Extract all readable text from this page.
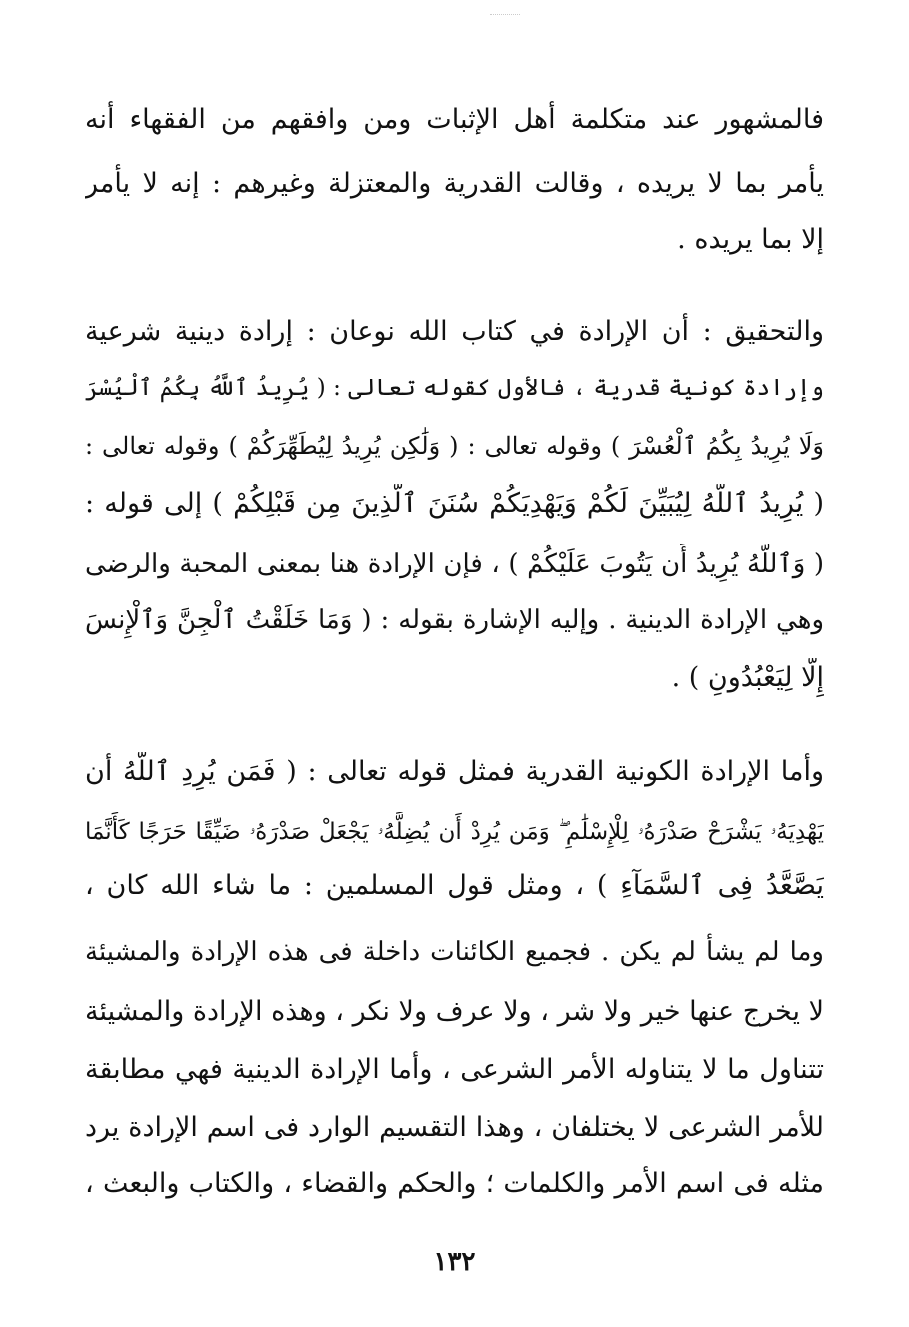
فالمشهور عند متكلمة أهل الإثبات ومن وافقهم من الفقهاء أنه
يأمر بما لا يريده ، وقالت القدرية والمعتزلة وغيرهم : إنه لا يأمر
إلا بما يريده .
والتحقيق : أن الإرادة في كتاب الله نوعان : إرادة دينية شرعية
وإرادة كونية قدرية ، فالأول كقوله تعالى : ( يُرِيدُ ٱللَّهُ بِكُمُ ٱلْيُسْرَ
وَلَا يُرِيدُ بِكُمُ ٱلْعُسْرَ ) وقوله تعالى : ( وَلَٰكِن يُرِيدُ لِيُطَهِّرَكُمْ ) وقوله تعالى :
( يُرِيدُ ٱللَّهُ لِيُبَيِّنَ لَكُمْ وَيَهْدِيَكُمْ سُنَنَ ٱلَّذِينَ مِن قَبْلِكُمْ ) إلى قوله :
( وَٱللَّهُ يُرِيدُ أَن يَتُوبَ عَلَيْكُمْ ) ، فإن الإرادة هنا بمعنى المحبة والرضى
وهي الإرادة الدينية . وإليه الإشارة بقوله : ( وَمَا خَلَقْتُ ٱلْجِنَّ وَٱلْإِنسَ
إِلَّا لِيَعْبُدُونِ ) .
وأما الإرادة الكونية القدرية فمثل قوله تعالى : ( فَمَن يُرِدِ ٱللَّهُ أَن
يَهْدِيَهُۥ يَشْرَحْ صَدْرَهُۥ لِلْإِسْلَٰمِ ۖ وَمَن يُرِدْ أَن يُضِلَّهُۥ يَجْعَلْ صَدْرَهُۥ ضَيِّقًا حَرَجًا كَأَنَّمَا
يَصَّعَّدُ فِى ٱلسَّمَآءِ ) ، ومثل قول المسلمين : ما شاء الله كان ،
وما لم يشأ لم يكن . فجميع الكائنات داخلة فى هذه الإرادة والمشيئة
لا يخرج عنها خير ولا شر ، ولا عرف ولا نكر ، وهذه الإرادة والمشيئة
تتناول ما لا يتناوله الأمر الشرعى ، وأما الإرادة الدينية فهي مطابقة
للأمر الشرعى لا يختلفان ، وهذا التقسيم الوارد فى اسم الإرادة يرد
مثله فى اسم الأمر والكلمات ؛ والحكم والقضاء ، والكتاب والبعث ،
١٣٢
